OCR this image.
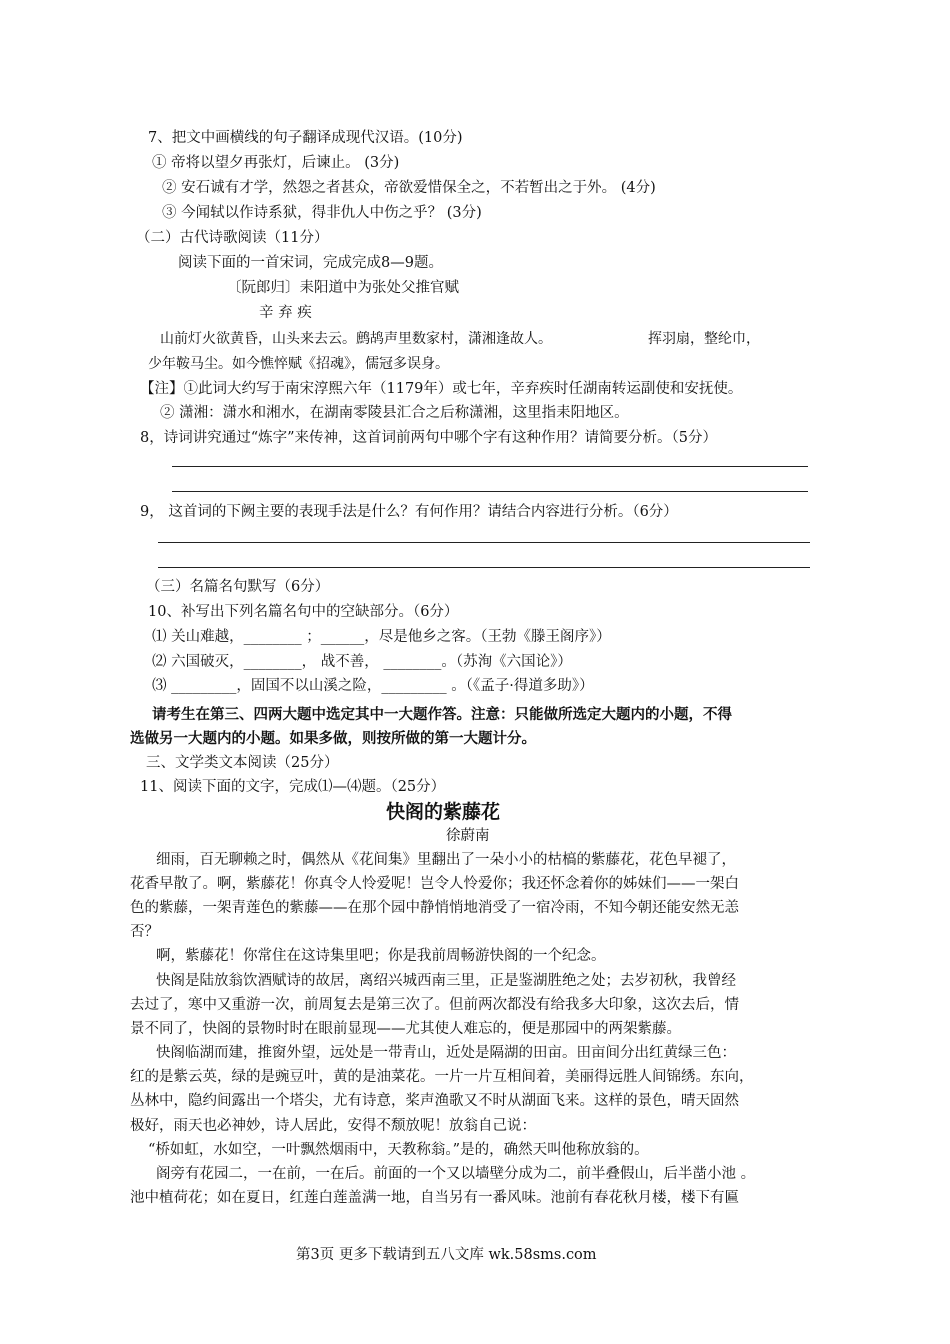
7、把文中画横线的句子翻译成现代汉语。(10分)
① 帝将以望夕再张灯，后谏止。 (3分)
② 安石诚有才学，然怨之者甚众，帝欲爱惜保全之，不若暂出之于外。 (4分)
③ 今闻轼以作诗系狱，得非仇人中伤之乎？ (3分)
（二）古代诗歌阅读（11分）
阅读下面的一首宋词，完成完成8—9题。
〔阮郎归〕耒阳道中为张处父推官赋
辛 弃 疾
山前灯火欲黄昏，山头来去云。鹧鸪声里数家村，潇湘逢故人。	挥羽扇，整纶巾，
少年鞍马尘。如今憔悴赋《招魂》，儒冠多误身。
【注】①此词大约写于南宋淳熙六年（1179年）或七年，辛弃疾时任湖南转运副使和安抚使。
② 潇湘：潇水和湘水，在湖南零陵县汇合之后称潇湘，这里指耒阳地区。
8，诗词讲究通过“炼字”来传神，这首词前两句中哪个字有这种作用？请简要分析。（5分）
9， 这首词的下阙主要的表现手法是什么？有何作用？请结合内容进行分析。（6分）
（三）名篇名句默写（6分）
10、补写出下列名篇名句中的空缺部分。（6分）
⑴ 关山难越，________ ；______，尽是他乡之客。（王勃《滕王阁序》）
⑵ 六国破灭，________， 战不善， ________。（苏洵《六国论》）
⑶ _________，固国不以山溪之险，_________ 。（《孟子·得道多助》）
请考生在第三、四两大题中选定其中一大题作答。注意：只能做所选定大题内的小题，不得
选做另一大题内的小题。如果多做，则按所做的第一大题计分。
三、文学类文本阅读（25分）
11、阅读下面的文字，完成⑴—⑷题。（25分）
快阁的紫藤花
徐蔚南
细雨，百无聊赖之时，偶然从《花间集》里翻出了一朵小小的枯槁的紫藤花，花色早褪了，
花香早散了。啊，紫藤花！你真令人怜爱呢！岂令人怜爱你；我还怀念着你的姊妹们——一架白
色的紫藤，一架青莲色的紫藤——在那个园中静悄悄地消受了一宿冷雨，不知今朝还能安然无恙
否？
啊，紫藤花！你常住在这诗集里吧；你是我前周畅游快阁的一个纪念。
快阁是陆放翁饮酒赋诗的故居，离绍兴城西南三里，正是鉴湖胜绝之处；去岁初秋，我曾经
去过了，寒中又重游一次，前周复去是第三次了。但前两次都没有给我多大印象，这次去后，情
景不同了，快阁的景物时时在眼前显现——尤其使人难忘的，便是那园中的两架紫藤。
快阁临湖而建，推窗外望，远处是一带青山，近处是隔湖的田亩。田亩间分出红黄绿三色：
红的是紫云英，绿的是豌豆叶，黄的是油菜花。一片一片互相间着，美丽得远胜人间锦绣。东向，
丛林中，隐约间露出一个塔尖，尤有诗意，桨声渔歌又不时从湖面飞来。这样的景色，晴天固然
极好，雨天也必神妙，诗人居此，安得不颓放呢！放翁自己说：
“桥如虹，水如空，一叶飘然烟雨中，天教称翁。”是的，确然天叫他称放翁的。
阁旁有花园二，一在前，一在后。前面的一个又以墙壁分成为二，前半叠假山，后半凿小池 。
池中植荷花；如在夏日，红莲白莲盖满一地，自当另有一番风味。池前有春花秋月楼，楼下有匾
第3页 更多下载请到五八文库 wk.58sms.com
